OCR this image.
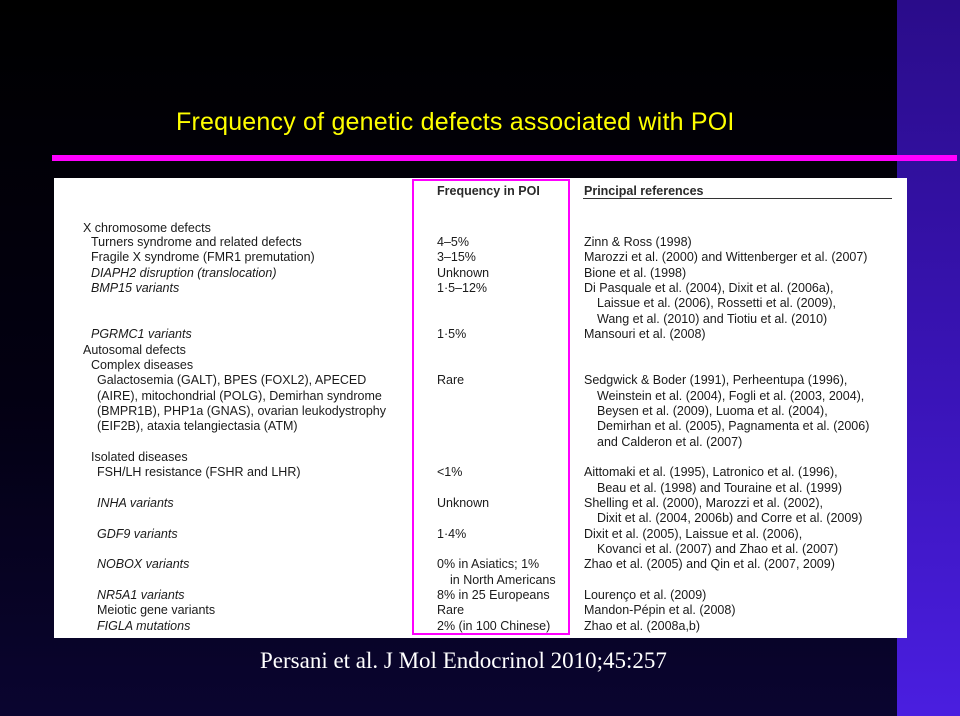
Frequency of genetic defects associated with POI
Frequency in POI	Principal references
X chromosome defects
Turners syndrome and related defects
Fragile X syndrome (FMR1 premutation)
DIAPH2 disruption (translocation)
BMP15 variants
PGRMC1 variants
Autosomal defects
Complex diseases
Galactosemia (GALT), BPES (FOXL2), APECED
(AIRE), mitochondrial (POLG), Demirhan syndrome
(BMPR1B), PHP1a (GNAS), ovarian leukodystrophy
(EIF2B), ataxia telangiectasia (ATM)
Isolated diseases
FSH/LH resistance (FSHR and LHR)
INHA variants
GDF9 variants
NOBOX variants
NR5A1 variants
Meiotic gene variants
FIGLA mutations
4–5%
3–15%
Unknown
1·5–12%
1·5%
Rare
<1%
Unknown
1·4%
0% in Asiatics; 1%
in North Americans
8% in 25 Europeans
Rare
2% (in 100 Chinese)
Zinn & Ross (1998)
Marozzi et al. (2000) and Wittenberger et al. (2007)
Bione et al. (1998)
Di Pasquale et al. (2004), Dixit et al. (2006a),
Laissue et al. (2006), Rossetti et al. (2009),
Wang et al. (2010) and Tiotiu et al. (2010)
Mansouri et al. (2008)
Sedgwick & Boder (1991), Perheentupa (1996),
Weinstein et al. (2004), Fogli et al. (2003, 2004),
Beysen et al. (2009), Luoma et al. (2004),
Demirhan et al. (2005), Pagnamenta et al. (2006)
and Calderon et al. (2007)
Aittomaki et al. (1995), Latronico et al. (1996),
Beau et al. (1998) and Touraine et al. (1999)
Shelling et al. (2000), Marozzi et al. (2002),
Dixit et al. (2004, 2006b) and Corre et al. (2009)
Dixit et al. (2005), Laissue et al. (2006),
Kovanci et al. (2007) and Zhao et al. (2007)
Zhao et al. (2005) and Qin et al. (2007, 2009)
Lourenço et al. (2009)
Mandon-Pépin et al. (2008)
Zhao et al. (2008a,b)

Persani et al. J Mol Endocrinol 2010;45:257
